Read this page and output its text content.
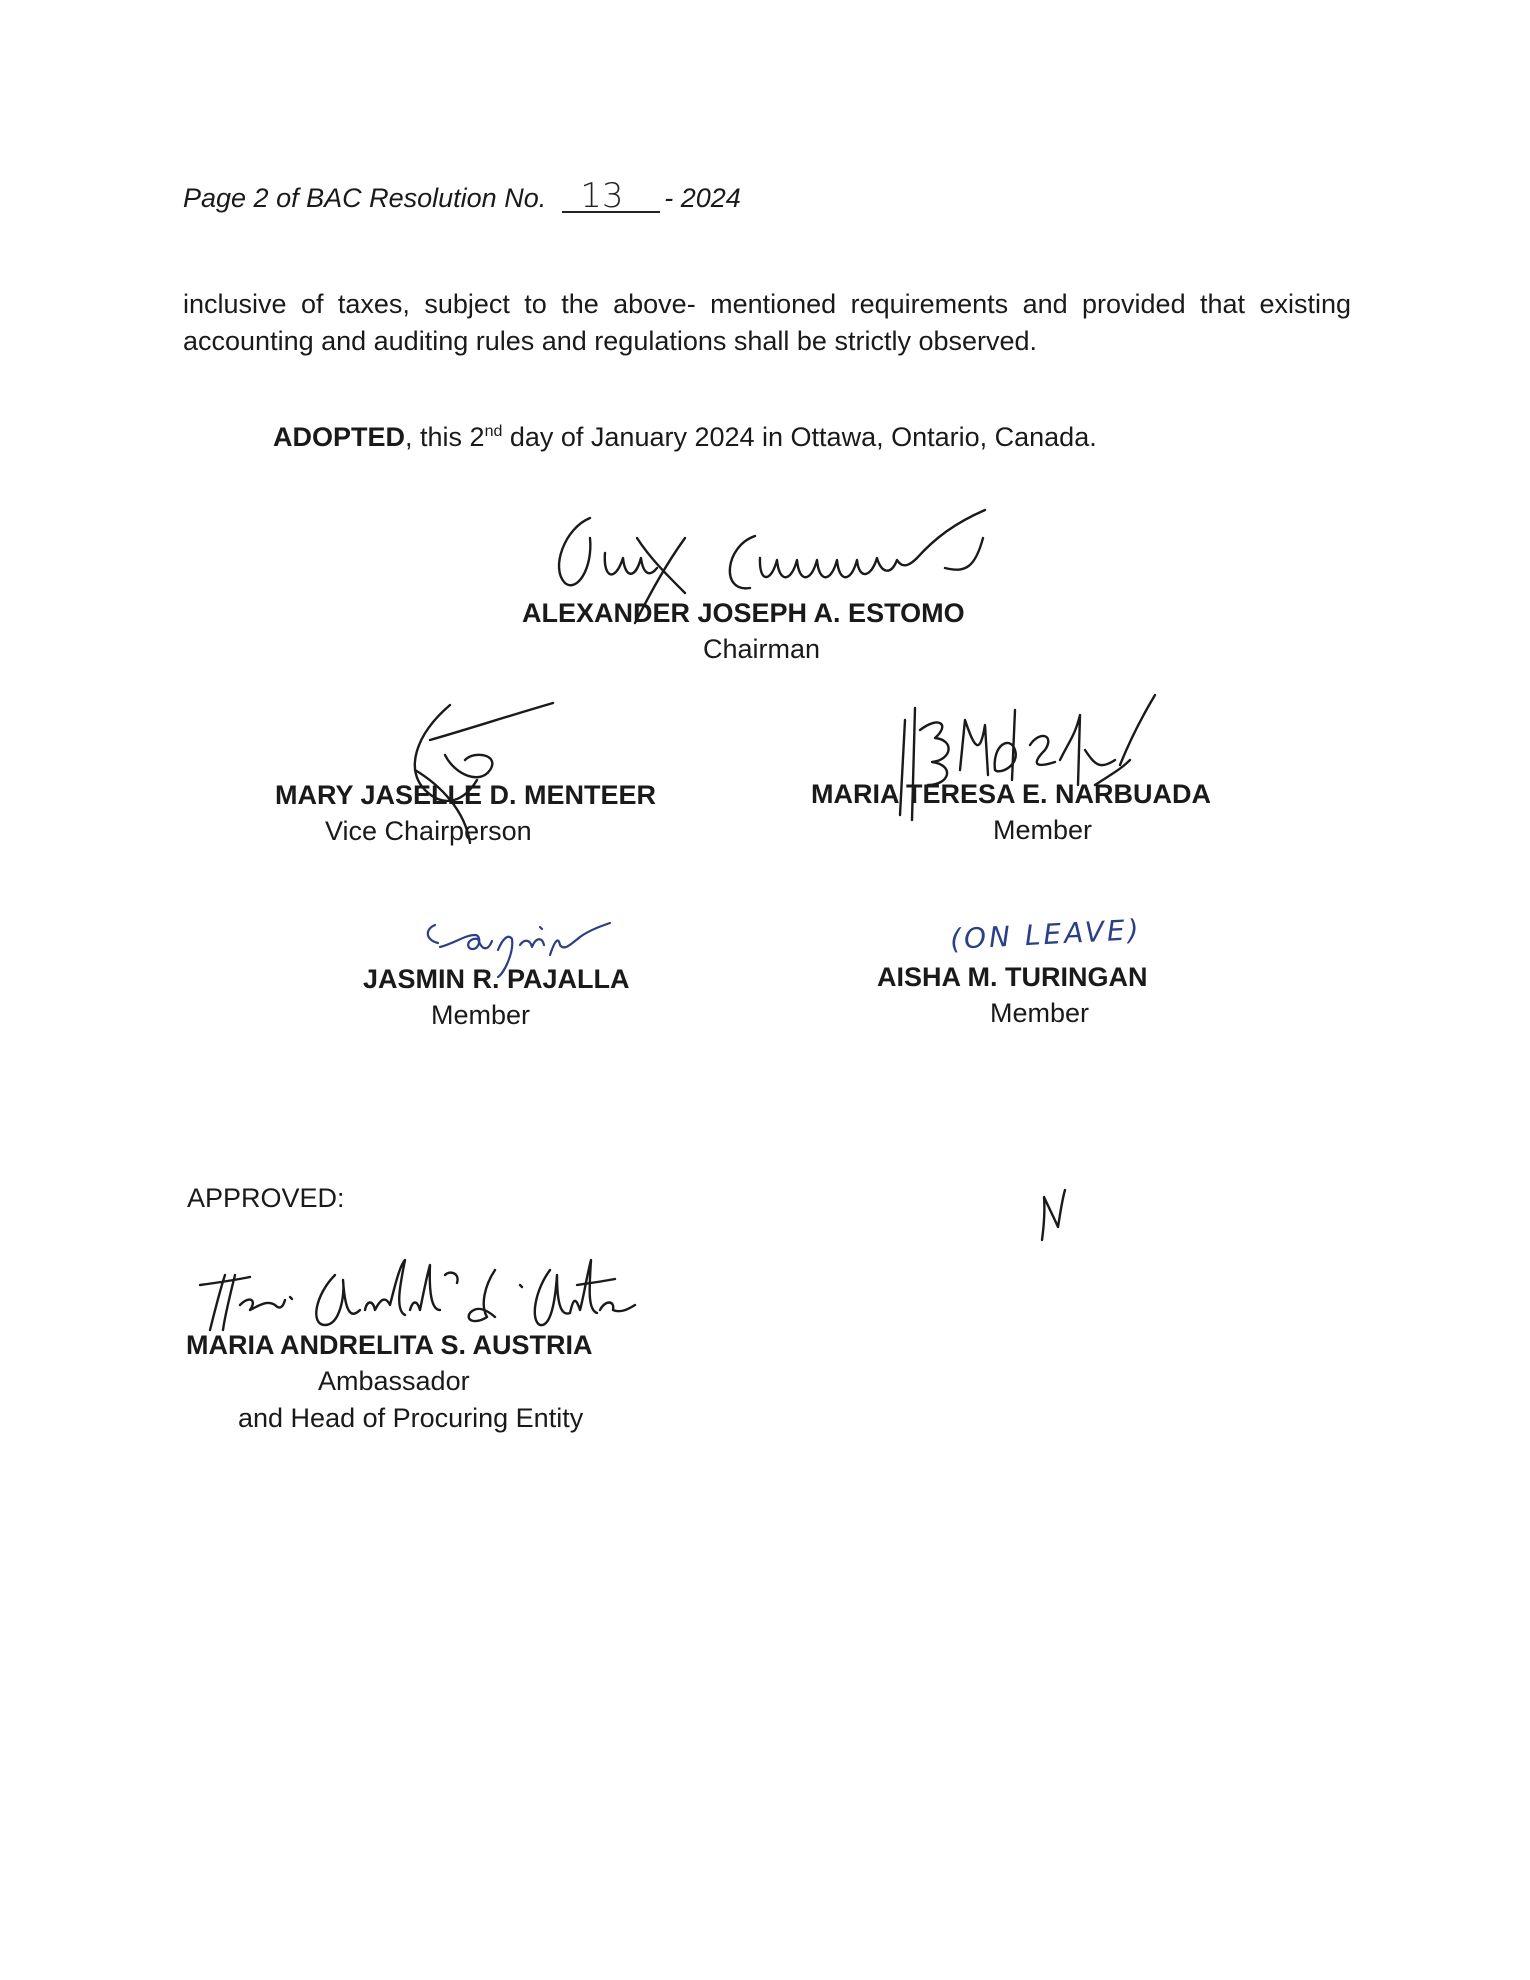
Page 2 of BAC Resolution No. 13 - 2024
inclusive of taxes, subject to the above- mentioned requirements and provided that existing accounting and auditing rules and regulations shall be strictly observed.
ADOPTED, this 2nd day of January 2024 in Ottawa, Ontario, Canada.
ALEXANDER JOSEPH A. ESTOMO
Chairman
MARY JASELLE D. MENTEER
Vice Chairperson
MARIA TERESA E. NARBUADA
Member
JASMIN R. PAJALLA
Member
(ON LEAVE)
AISHA M. TURINGAN
Member
APPROVED:
MARIA ANDRELITA S. AUSTRIA
Ambassador
and Head of Procuring Entity
